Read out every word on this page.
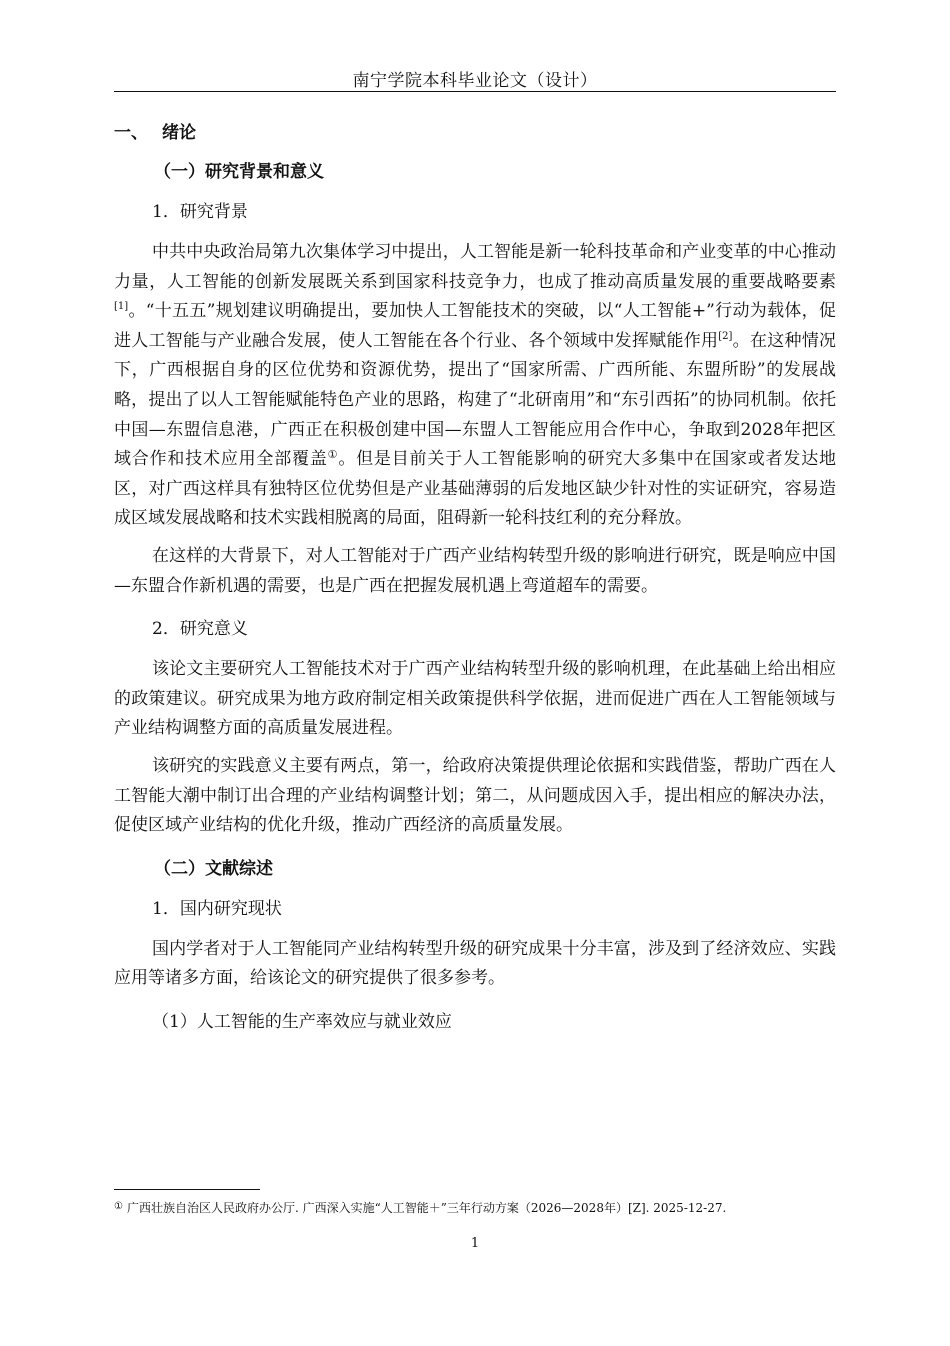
南宁学院本科毕业论文（设计）
一、 绪论
（一）研究背景和意义
1．研究背景

中共中央政治局第九次集体学习中提出，人工智能是新一轮科技革命和产业变革的中心推动力量，人工智能的创新发展既关系到国家科技竞争力，也成了推动高质量发展的重要战略要素[1]。“十五五”规划建议明确提出，要加快人工智能技术的突破，以“人工智能+”行动为载体，促进人工智能与产业融合发展，使人工智能在各个行业、各个领域中发挥赋能作用[2]。在这种情况下，广西根据自身的区位优势和资源优势，提出了“国家所需、广西所能、东盟所盼”的发展战略，提出了以人工智能赋能特色产业的思路，构建了“北研南用”和“东引西拓”的协同机制。依托中国—东盟信息港，广西正在积极创建中国—东盟人工智能应用合作中心，争取到2028年把区域合作和技术应用全部覆盖①。但是目前关于人工智能影响的研究大多集中在国家或者发达地区，对广西这样具有独特区位优势但是产业基础薄弱的后发地区缺少针对性的实证研究，容易造成区域发展战略和技术实践相脱离的局面，阻碍新一轮科技红利的充分释放。

在这样的大背景下，对人工智能对于广西产业结构转型升级的影响进行研究，既是响应中国—东盟合作新机遇的需要，也是广西在把握发展机遇上弯道超车的需要。

2．研究意义

该论文主要研究人工智能技术对于广西产业结构转型升级的影响机理，在此基础上给出相应的政策建议。研究成果为地方政府制定相关政策提供科学依据，进而促进广西在人工智能领域与产业结构调整方面的高质量发展进程。

该研究的实践意义主要有两点，第一，给政府决策提供理论依据和实践借鉴，帮助广西在人工智能大潮中制订出合理的产业结构调整计划；第二，从问题成因入手，提出相应的解决办法，促使区域产业结构的优化升级，推动广西经济的高质量发展。

（二）文献综述
1．国内研究现状

国内学者对于人工智能同产业结构转型升级的研究成果十分丰富，涉及到了经济效应、实践应用等诸多方面，给该论文的研究提供了很多参考。

（1）人工智能的生产率效应与就业效应
① 广西壮族自治区人民政府办公厅. 广西深入实施“人工智能＋”三年行动方案（2026—2028年）[Z]. 2025-12-27.
1
